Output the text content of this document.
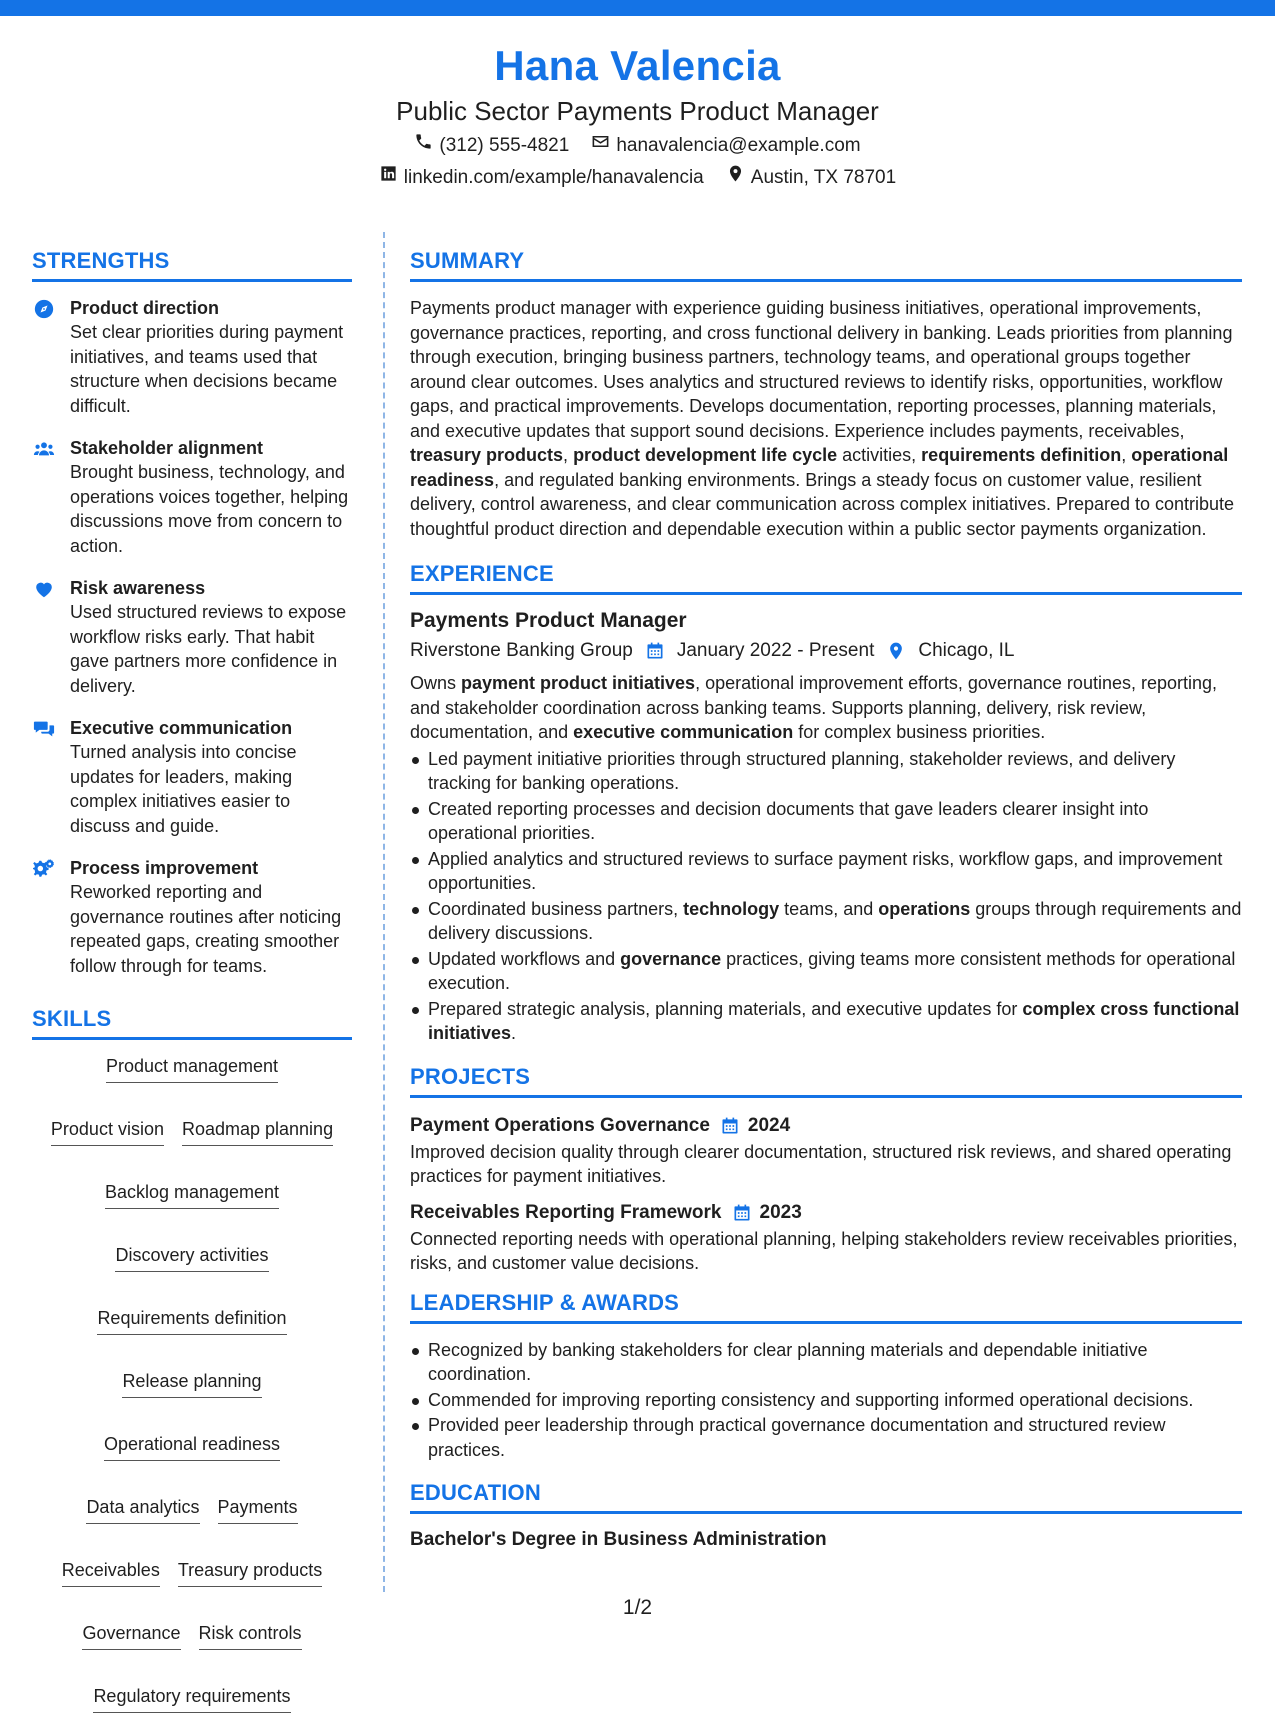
Hana Valencia
Public Sector Payments Product Manager
(312) 555-4821 hanavalencia@example.com
linkedin.com/example/hanavalencia Austin, TX 78701
STRENGTHS
Product direction
Set clear priorities during payment initiatives, and teams used that structure when decisions became difficult.
Stakeholder alignment
Brought business, technology, and operations voices together, helping discussions move from concern to action.
Risk awareness
Used structured reviews to expose workflow risks early. That habit gave partners more confidence in delivery.
Executive communication
Turned analysis into concise updates for leaders, making complex initiatives easier to discuss and guide.
Process improvement
Reworked reporting and governance routines after noticing repeated gaps, creating smoother follow through for teams.
SKILLS
Product management
Product vision Roadmap planning
Backlog management
Discovery activities
Requirements definition
Release planning
Operational readiness
Data analytics Payments
Receivables Treasury products
Governance Risk controls
Regulatory requirements
SUMMARY

Payments product manager with experience guiding business initiatives, operational improvements, governance practices, reporting, and cross functional delivery in banking. Leads priorities from planning through execution, bringing business partners, technology teams, and operational groups together around clear outcomes. Uses analytics and structured reviews to identify risks, opportunities, workflow gaps, and practical improvements. Develops documentation, reporting processes, planning materials, and executive updates that support sound decisions. Experience includes payments, receivables, treasury products, product development life cycle activities, requirements definition, operational readiness, and regulated banking environments. Brings a steady focus on customer value, resilient delivery, control awareness, and clear communication across complex initiatives. Prepared to contribute thoughtful product direction and dependable execution within a public sector payments organization.

EXPERIENCE
Payments Product Manager
Riverstone Banking Group January 2022 - Present Chicago, IL

Owns payment product initiatives, operational improvement efforts, governance routines, reporting, and stakeholder coordination across banking teams. Supports planning, delivery, risk review, documentation, and executive communication for complex business priorities.

Led payment initiative priorities through structured planning, stakeholder reviews, and delivery tracking for banking operations.
Created reporting processes and decision documents that gave leaders clearer insight into operational priorities.
Applied analytics and structured reviews to surface payment risks, workflow gaps, and improvement opportunities.
Coordinated business partners, technology teams, and operations groups through requirements and delivery discussions.
Updated workflows and governance practices, giving teams more consistent methods for operational execution.
Prepared strategic analysis, planning materials, and executive updates for complex cross functional initiatives.
PROJECTS
Payment Operations Governance 2024
Improved decision quality through clearer documentation, structured risk reviews, and shared operating practices for payment initiatives.
Receivables Reporting Framework 2023
Connected reporting needs with operational planning, helping stakeholders review receivables priorities, risks, and customer value decisions.
LEADERSHIP & AWARDS
Recognized by banking stakeholders for clear planning materials and dependable initiative coordination.
Commended for improving reporting consistency and supporting informed operational decisions.
Provided peer leadership through practical governance documentation and structured review practices.
EDUCATION
Bachelor's Degree in Business Administration
1/2
